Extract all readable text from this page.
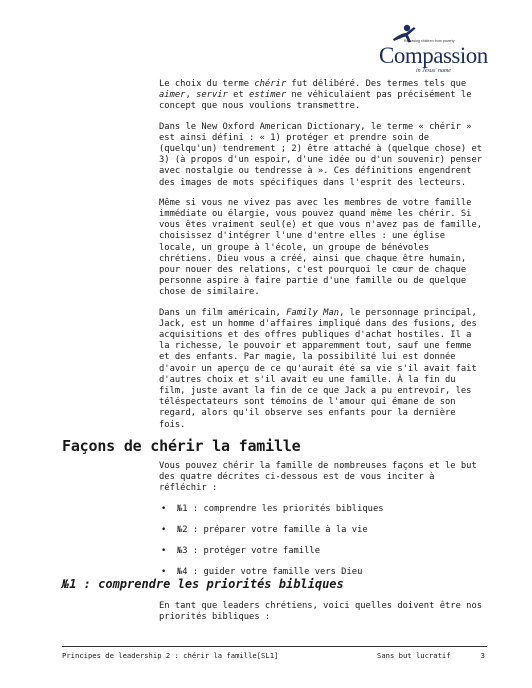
Releasing children from poverty
Compassion
in Jesus' name

Le choix du terme chérir fut délibéré. Des termes tels que aimer, servir et estimer ne véhiculaient pas précisément le concept que nous voulions transmettre.

Dans le New Oxford American Dictionary, le terme « chérir » est ainsi défini : « 1) protéger et prendre soin de (quelqu'un) tendrement ; 2) être attaché à (quelque chose) et 3) (à propos d'un espoir, d'une idée ou d'un souvenir) penser avec nostalgie ou tendresse à ». Ces définitions engendrent des images de mots spécifiques dans l'esprit des lecteurs.

Même si vous ne vivez pas avec les membres de votre famille immédiate ou élargie, vous pouvez quand même les chérir. Si vous êtes vraiment seul(e) et que vous n'avez pas de famille, choisissez d'intégrer l'une d'entre elles : une église locale, un groupe à l'école, un groupe de bénévoles chrétiens. Dieu vous a créé, ainsi que chaque être humain, pour nouer des relations, c'est pourquoi le cœur de chaque personne aspire à faire partie d'une famille ou de quelque chose de similaire.

Dans un film américain, Family Man, le personnage principal, Jack, est un homme d'affaires impliqué dans des fusions, des acquisitions et des offres publiques d'achat hostiles. Il a la richesse, le pouvoir et apparemment tout, sauf une femme et des enfants. Par magie, la possibilité lui est donnée d'avoir un aperçu de ce qu'aurait été sa vie s'il avait fait d'autres choix et s'il avait eu une famille. À la fin du film, juste avant la fin de ce que Jack a pu entrevoir, les téléspectateurs sont témoins de l'amour qui émane de son regard, alors qu'il observe ses enfants pour la dernière fois.

Façons de chérir la famille

Vous pouvez chérir la famille de nombreuses façons et le but des quatre décrites ci-dessous est de vous inciter à réfléchir :

• №1 : comprendre les priorités bibliques
• №2 : préparer votre famille à la vie
• №3 : protéger votre famille
• №4 : guider votre famille vers Dieu
№1 : comprendre les priorités bibliques

En tant que leaders chrétiens, voici quelles doivent être nos priorités bibliques :

Principes de leadership 2 : chérir la famille[SL1]	Sans but lucratif	3
